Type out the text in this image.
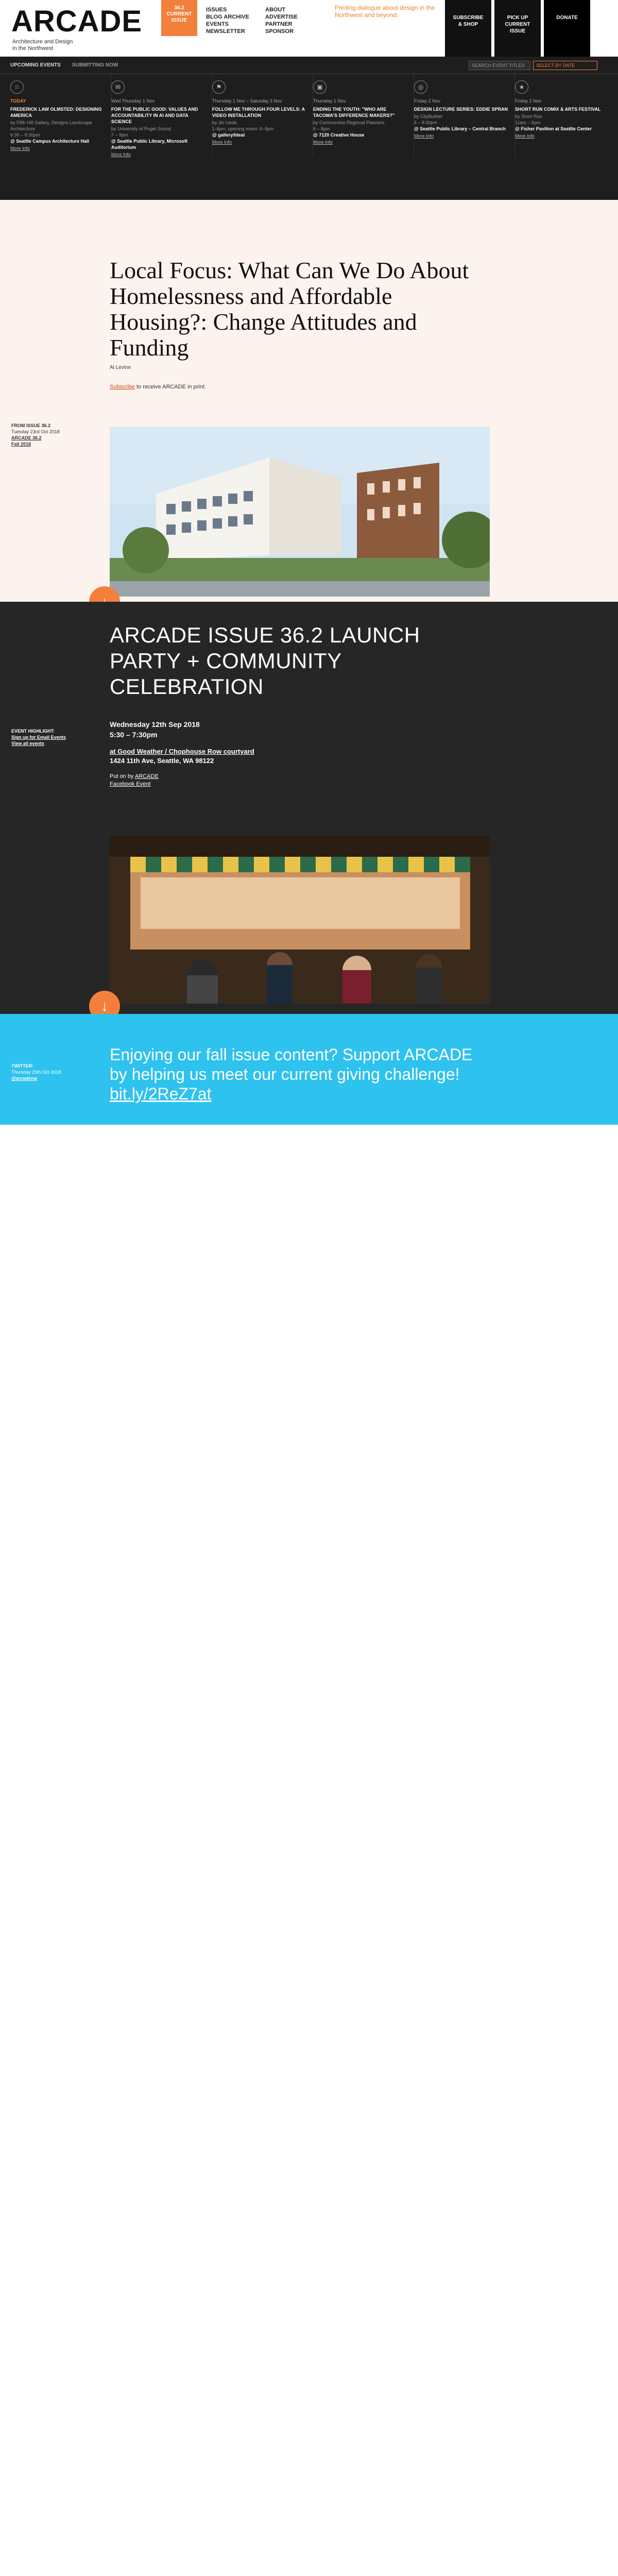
ARCADE
Architecture and Design
in the Northwest
36.2
CURRENT
ISSUE
ISSUES
BLOG ARCHIVE
EVENTS
NEWSLETTER
ABOUT
ADVERTISE
PARTNER
SPONSOR
Printing dialogue about design in the Northwest and beyond.	SUBSCRIBE
& SHOP
PICK UP
CURRENT
ISSUE
DONATE
UPCOMING EVENTS SUBMITTING NOW	SEARCH EVENT TITLES	SELECT BY DATE
☆
TODAY
FREDERICK LAW OLMSTED: DESIGNING AMERICA
by Fifth Hill Gallery, Designs Landscape Architecture
6:30 – 8:30pm
@ Seattle Campus Architecture Hall
More Info
✉
Wed Thursday 1 Nov
FOR THE PUBLIC GOOD: VALUES AND ACCOUNTABILITY IN AI AND DATA SCIENCE
by University of Puget Sound
7 – 9pm
@ Seattle Public Library, Microsoft Auditorium
More Info
⚑
Thursday 1 Nov – Saturday 3 Nov
FOLLOW ME THROUGH FOUR LEVELS: A VIDEO INSTALLATION
by Jin Ueda
1-4pm, opening event: 6–9pm
@ gallery/Ideal
More Info
▣
Thursday 1 Nov
ENDING THE YOUTH: "WHO ARE TACOMA'S DIFFERENCE MAKERS?"
by Communitas Regional Planners
6 – 8pm
@ 7120 Creative House
More Info
◎
Friday 2 Nov
DESIGN LECTURE SERIES: EDDIE SPRAN
by CityBuilder
6 – 8:30pm
@ Seattle Public Library – Central Branch
More Info
★
Friday 2 Nov
SHORT RUN COMIX & ARTS FESTIVAL
by Short Run
11am – 6pm
@ Fisher Pavilion at Seattle Center
More Info
Local Focus: What Can We Do About Homelessness and Affordable Housing?: Change Attitudes and Funding
Al Levine
Subscribe to receive ARCADE in print.
FROM ISSUE 36.2
Tuesday 23rd Oct 2018
ARCADE 36.2
Fall 2018
ARCADE ISSUE 36.2 LAUNCH PARTY + COMMUNITY CELEBRATION
Wednesday 12th Sep 2018
5:30 – 7:30pm
at Good Weather / Chophouse Row courtyard
1424 11th Ave, Seattle, WA 98122
Put on by ARCADE
Facebook Event
EVENT HIGHLIGHT:
Sign up for Email Events
View all events
↓
TWITTER:
Thursday 25th Oct 2018
@arcadenw
Enjoying our fall issue content? Support ARCADE by helping us meet our current giving challenge! bit.ly/2ReZ7at
